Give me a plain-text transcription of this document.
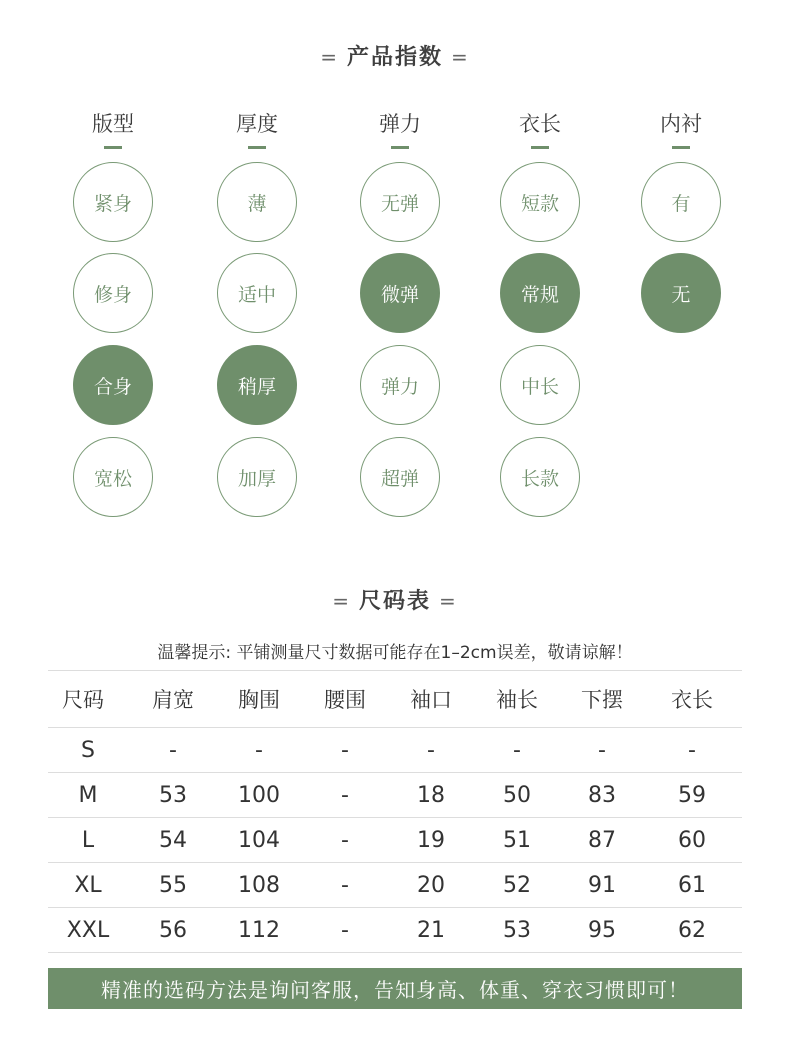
= 产品指数 =
版型
紧身
修身
合身
宽松
厚度
薄
适中
稍厚
加厚
弹力
无弹
微弹
弹力
超弹
衣长
短款
常规
中长
长款
内衬
有
无
= 尺码表 =
温馨提示: 平铺测量尺寸数据可能存在1–2cm误差，敬请谅解！
尺码	肩宽	胸围	腰围	袖口	袖长	下摆	衣长
S	-	-	-	-	-	-	-
M	53	100	-	18	50	83	59
L	54	104	-	19	51	87	60
XL	55	108	-	20	52	91	61
XXL	56	112	-	21	53	95	62
精准的选码方法是询问客服，告知身高、体重、穿衣习惯即可！
